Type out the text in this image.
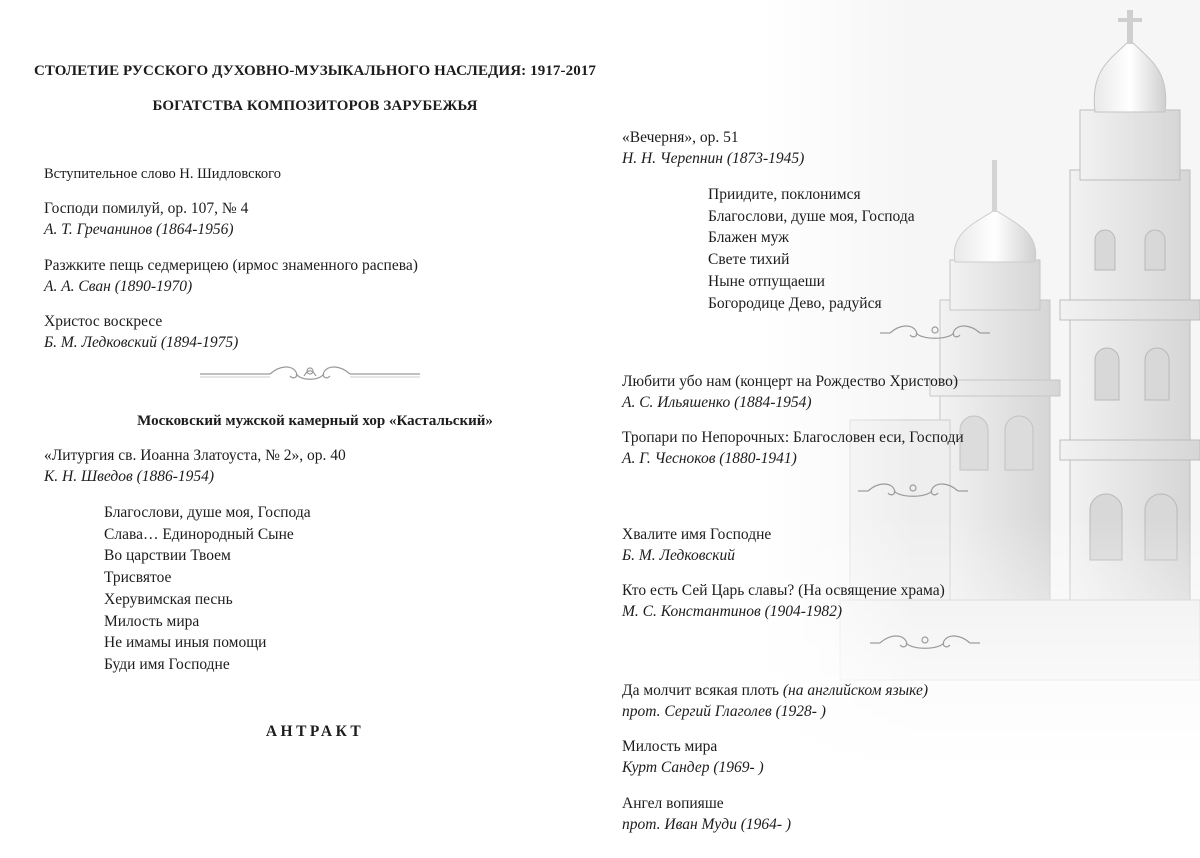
СТОЛЕТИЕ РУССКОГО ДУХОВНО-МУЗЫКАЛЬНОГО НАСЛЕДИЯ: 1917-2017
БОГАТСТВА КОМПОЗИТОРОВ ЗАРУБЕЖЬЯ
Вступительное слово Н. Шидловского
Господи помилуй, ор. 107, № 4
А. Т. Гречанинов (1864-1956)
Разжките пещь седмерицею (ирмос знаменного распева)
А. А. Сван (1890-1970)
Христос воскресе
Б. М. Ледковский (1894-1975)
Московский мужской камерный хор «Кастальский»
«Литургия св. Иоанна Златоуста, № 2», ор. 40
К. Н. Шведов (1886-1954)
Благослови, душе моя, Господа
Слава… Единородный Сыне
Во царствии Твоем
Трисвятое
Херувимская песнь
Милость мира
Не имамы иныя помощи
Буди имя Господне
АНТРАКТ
«Вечерня», ор. 51
Н. Н. Черепнин (1873-1945)
Приидите, поклонимся
Благослови, душе моя, Господа
Блажен муж
Свете тихий
Ныне отпущаеши
Богородице Дево, радуйся
Любити убо нам (концерт на Рождество Христово)
А. С. Ильяшенко (1884-1954)
Тропари по Непорочных: Благословен еси, Господи
А. Г. Чесноков (1880-1941)
Хвалите имя Господне
Б. М. Ледковский
Кто есть Сей Царь славы? (На освящение храма)
М. С. Константинов (1904-1982)
Да молчит всякая плоть (на английском языке)
прот. Сергий Глаголев (1928- )
Милость мира
Курт Сандер (1969- )
Ангел вопияше
прот. Иван Муди (1964- )
